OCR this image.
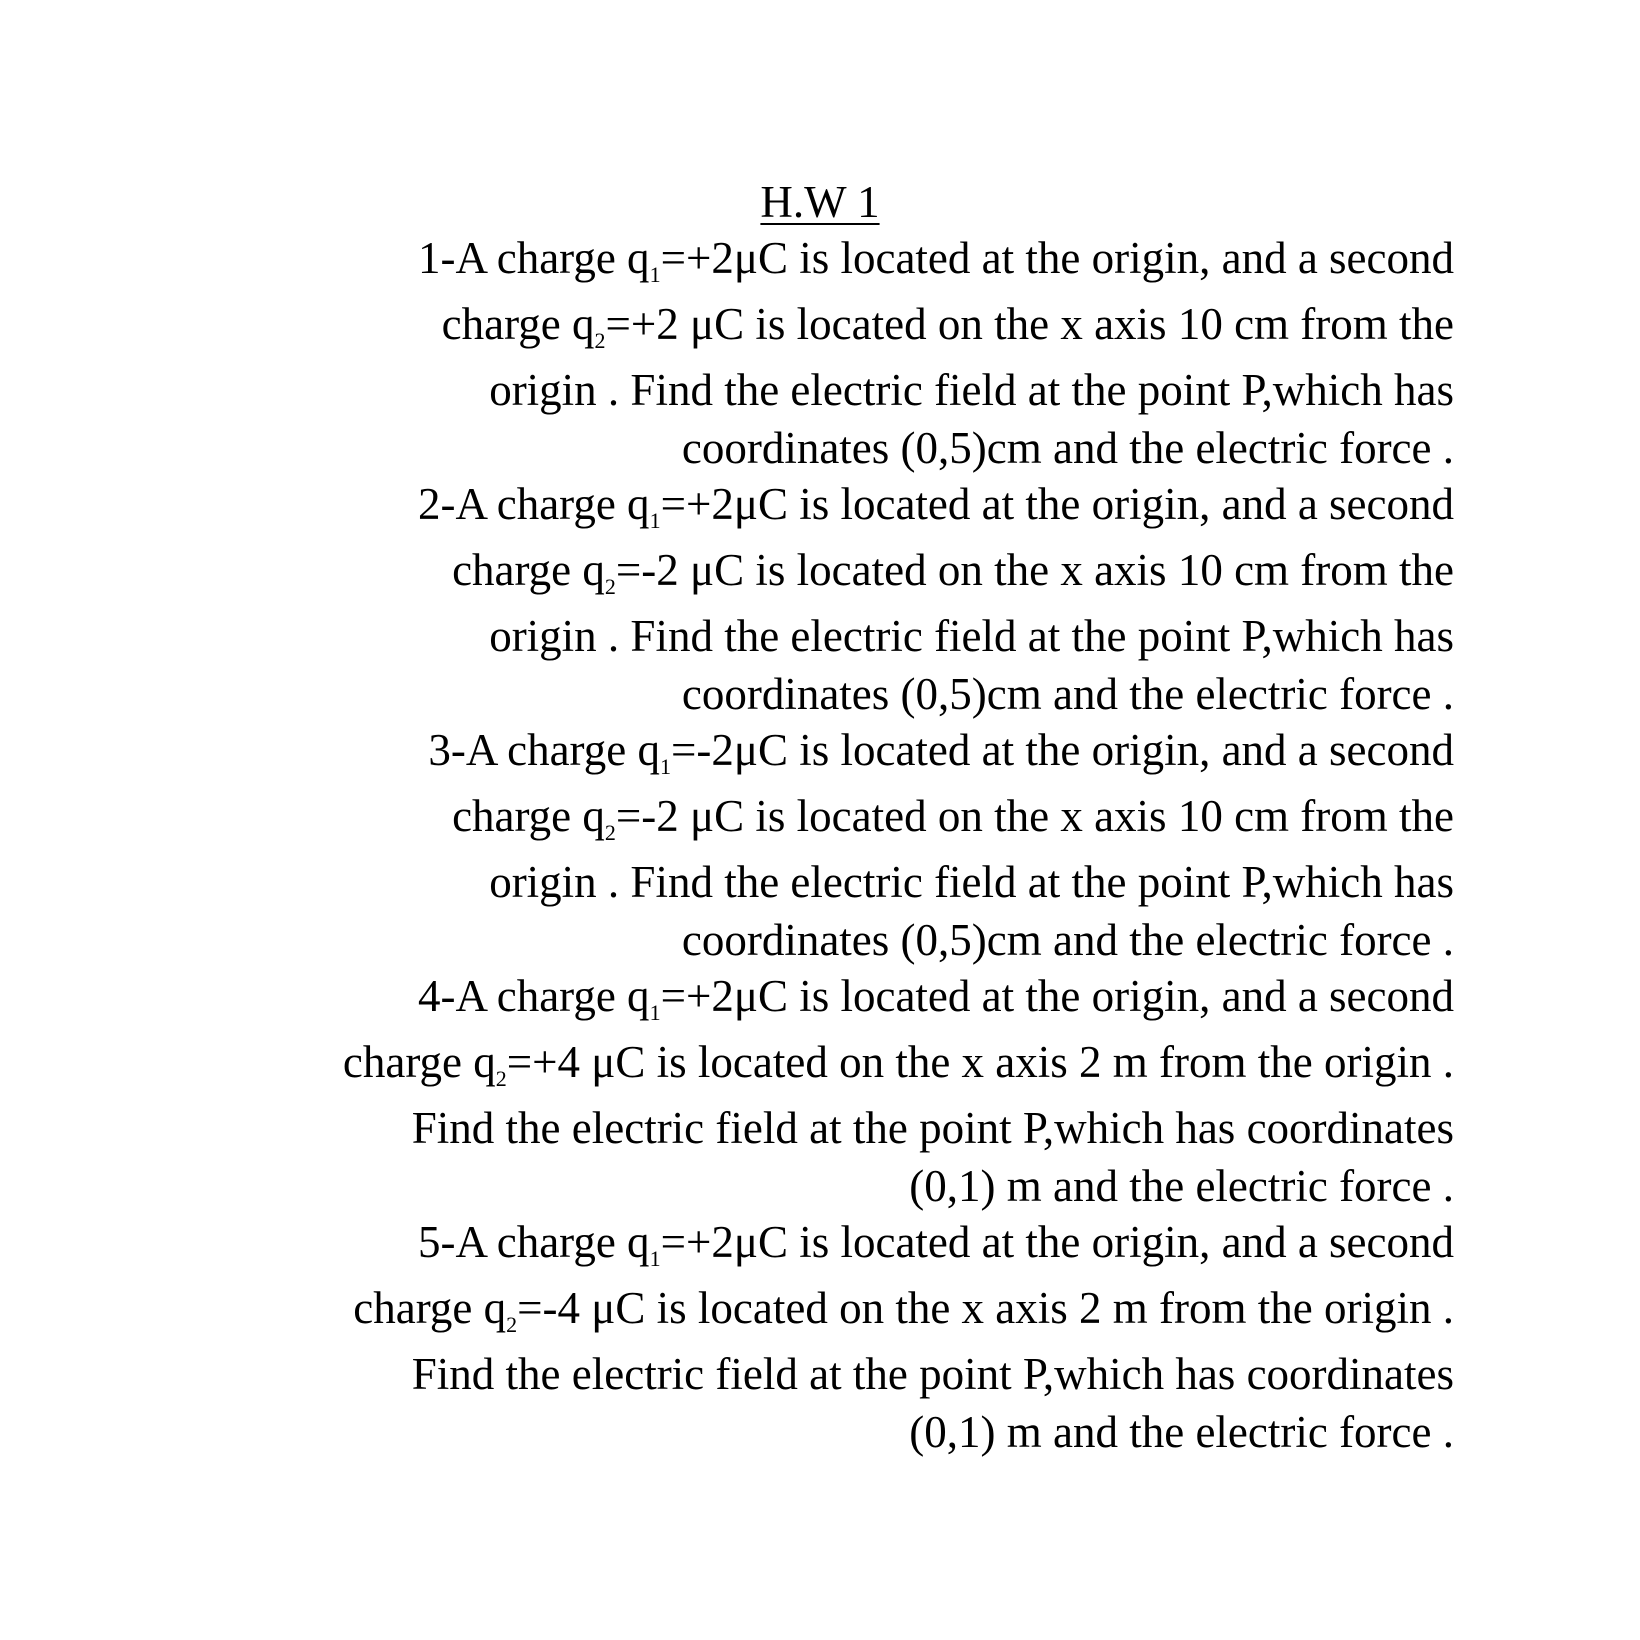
H.W 1
1-A charge $q_1=+2\mu C$ is located at the origin, and a second
charge $q_2=+2$ μC is located on the x axis 10 cm from the
origin . Find the electric field at the point P,which has
coordinates (0,5)cm and the electric force .
2-A charge $q_1=+2\mu C$ is located at the origin, and a second
charge $q_2=-2$ μC is located on the x axis 10 cm from the
origin . Find the electric field at the point P,which has
coordinates (0,5)cm and the electric force .
3-A charge $q_1=-2\mu C$ is located at the origin, and a second
charge $q_2=-2$ μC is located on the x axis 10 cm from the
origin . Find the electric field at the point P,which has
coordinates (0,5)cm and the electric force .
4-A charge $q_1=+2\mu C$ is located at the origin, and a second
charge $q_2=+4$ μC is located on the x axis 2 m from the origin .
Find the electric field at the point P,which has coordinates
(0,1) m and the electric force .
5-A charge $q_1=+2\mu C$ is located at the origin, and a second
charge $q_2=-4$ μC is located on the x axis 2 m from the origin .
Find the electric field at the point P,which has coordinates
(0,1) m and the electric force .
